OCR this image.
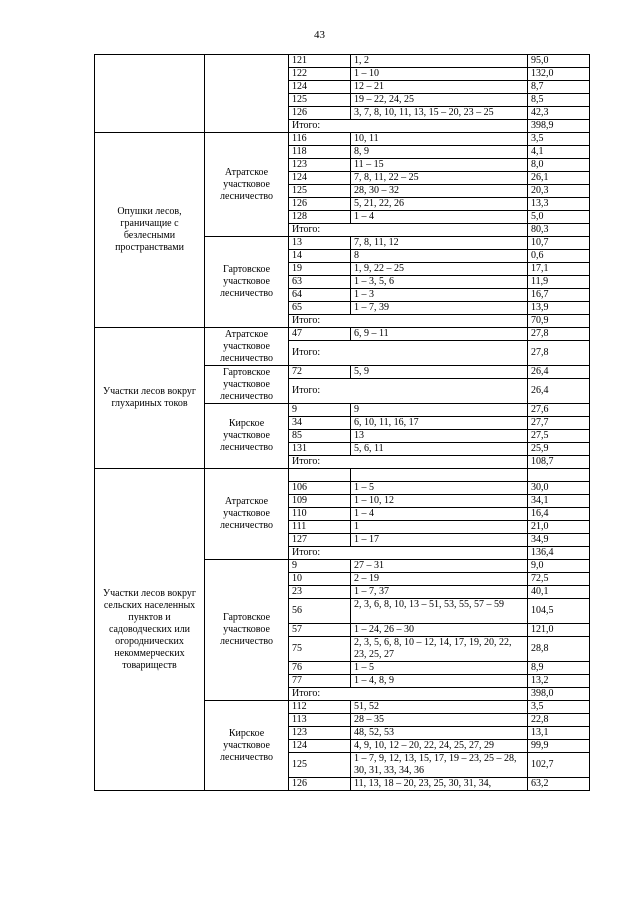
43
		121	1, 2	95,0
		122	1 – 10	132,0
		124	12 – 21	8,7
		125	19 – 22, 24, 25	8,5
		126	3, 7, 8, 10, 11, 13, 15 – 20, 23 – 25	42,3
		Итого:		398,9
Опушки лесов, граничащие с безлесными пространствами	Атратское участковое лесничество	116	10, 11	3,5
		118	8, 9	4,1
		123	11 – 15	8,0
		124	7, 8, 11, 22 – 25	26,1
		125	28, 30 – 32	20,3
		126	5, 21, 22, 26	13,3
		128	1 – 4	5,0
		Итого:		80,3
	Гартовское участковое лесничество	13	7, 8, 11, 12	10,7
		14	8	0,6
		19	1, 9, 22 – 25	17,1
		63	1 – 3, 5, 6	11,9
		64	1 – 3	16,7
		65	1 – 7, 39	13,9
		Итого:		70,9
Участки лесов вокруг глухариных токов	Атратское участковое лесничество	47	6, 9 – 11	27,8
		Итого:		27,8
	Гартовское участковое лесничество	72	5, 9	26,4
		Итого:		26,4
	Кирское участковое лесничество	9	9	27,6
		34	6, 10, 11, 16, 17	27,7
		85	13	27,5
		131	5, 6, 11	25,9
		Итого:		108,7
Участки лесов вокруг сельских населенных пунктов и садоводческих или огороднических некоммерческих товариществ	Атратское участковое лесничество			
		106	1 – 5	30,0
		109	1 – 10, 12	34,1
		110	1 – 4	16,4
		111	1	21,0
		127	1 – 17	34,9
		Итого:		136,4
	Гартовское участковое лесничество	9	27 – 31	9,0
		10	2 – 19	72,5
		23	1 – 7, 37	40,1
		56	2, 3, 6, 8, 10, 13 – 51, 53, 55, 57 – 59	104,5
		57	1 – 24, 26 – 30	121,0
		75	2, 3, 5, 6, 8, 10 – 12, 14, 17, 19, 20, 22, 23, 25, 27	28,8
		76	1 – 5	8,9
		77	1 – 4, 8, 9	13,2
		Итого:		398,0
	Кирское участковое лесничество	112	51, 52	3,5
		113	28 – 35	22,8
		123	48, 52, 53	13,1
		124	4, 9, 10, 12 – 20, 22, 24, 25, 27, 29	99,9
		125	1 – 7, 9, 12, 13, 15, 17, 19 – 23, 25 – 28, 30, 31, 33, 34, 36	102,7
		126	11, 13, 18 – 20, 23, 25, 30, 31, 34,	63,2
